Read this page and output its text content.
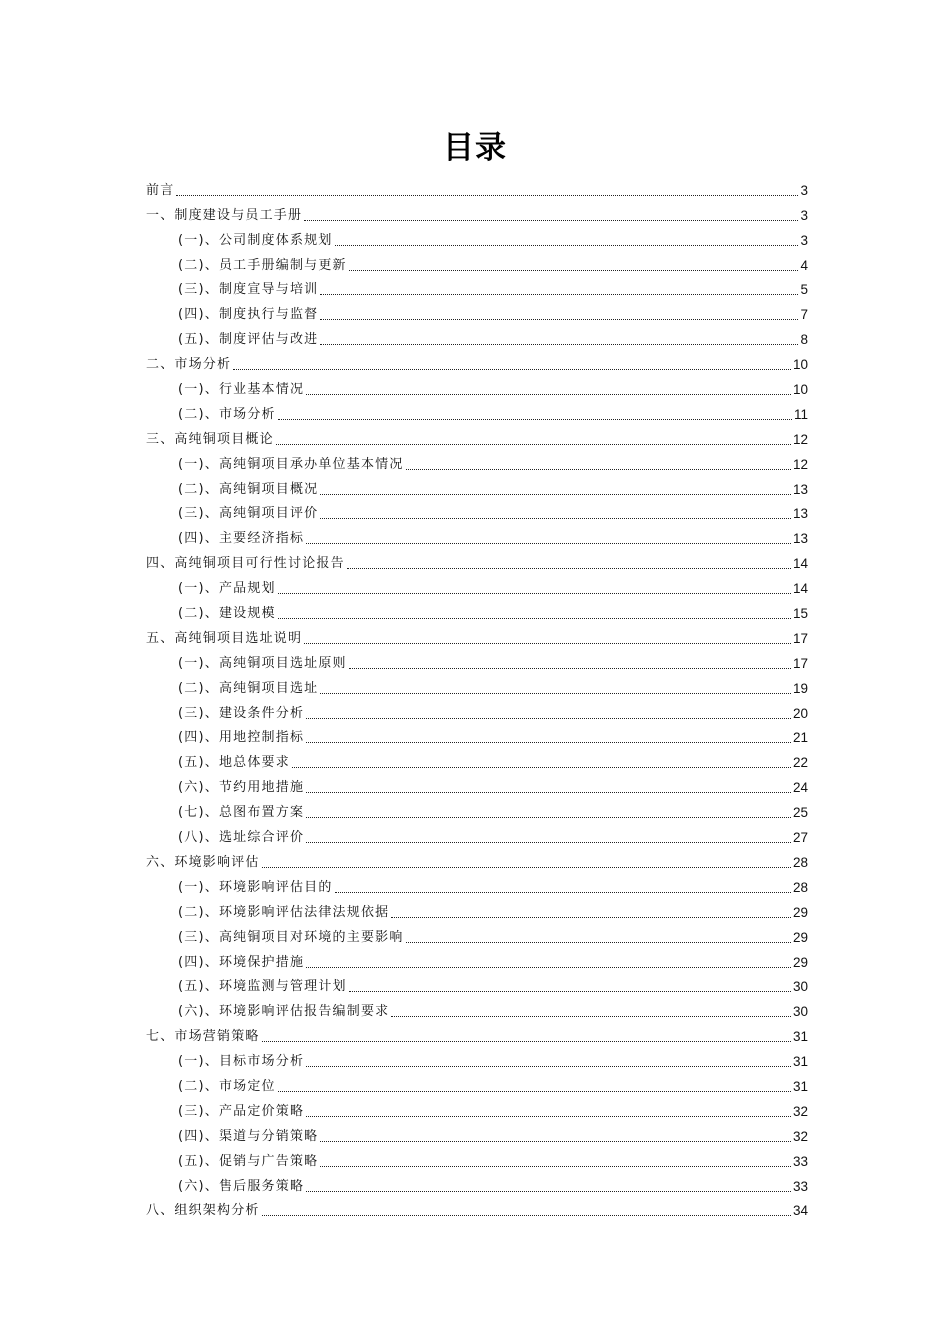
目录
前言	3
一、制度建设与员工手册	3
(一)、公司制度体系规划	3
(二)、员工手册编制与更新	4
(三)、制度宣导与培训	5
(四)、制度执行与监督	7
(五)、制度评估与改进	8
二、市场分析	10
(一)、行业基本情况	10
(二)、市场分析	11
三、高纯铜项目概论	12
(一)、高纯铜项目承办单位基本情况	12
(二)、高纯铜项目概况	13
(三)、高纯铜项目评价	13
(四)、主要经济指标	13
四、高纯铜项目可行性讨论报告	14
(一)、产品规划	14
(二)、建设规模	15
五、高纯铜项目选址说明	17
(一)、高纯铜项目选址原则	17
(二)、高纯铜项目选址	19
(三)、建设条件分析	20
(四)、用地控制指标	21
(五)、地总体要求	22
(六)、节约用地措施	24
(七)、总图布置方案	25
(八)、选址综合评价	27
六、环境影响评估	28
(一)、环境影响评估目的	28
(二)、环境影响评估法律法规依据	29
(三)、高纯铜项目对环境的主要影响	29
(四)、环境保护措施	29
(五)、环境监测与管理计划	30
(六)、环境影响评估报告编制要求	30
七、市场营销策略	31
(一)、目标市场分析	31
(二)、市场定位	31
(三)、产品定价策略	32
(四)、渠道与分销策略	32
(五)、促销与广告策略	33
(六)、售后服务策略	33
八、组织架构分析	34
